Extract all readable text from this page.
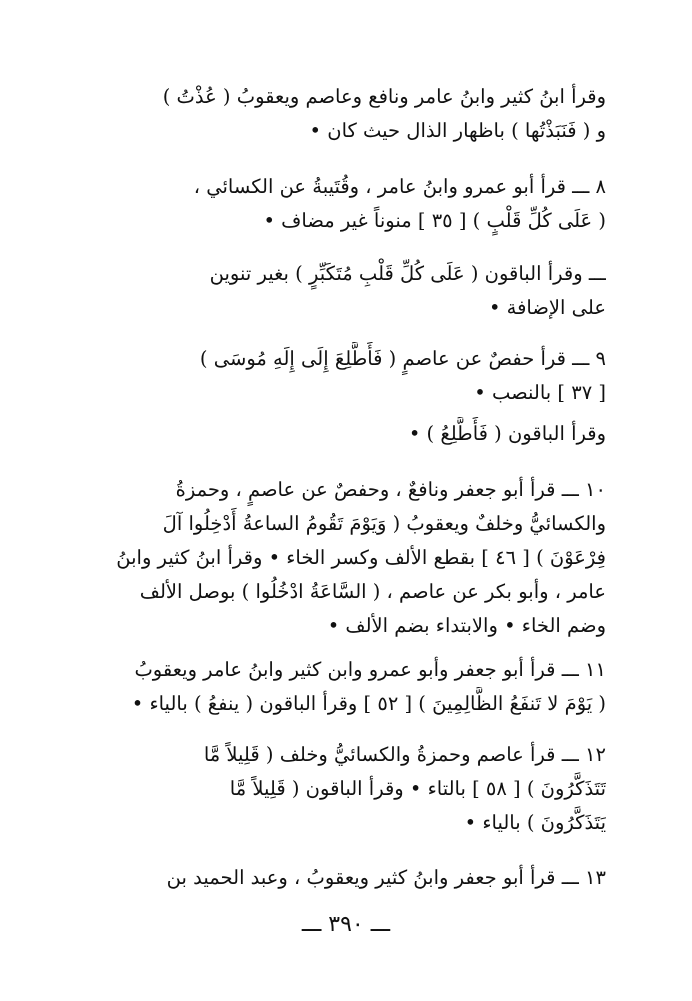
وقرأ ابنُ كثير وابنُ عامر ونافع وعاصم ويعقوبُ ( عُذْتُ )
و ( فَنَبَذْتُها ) باظهار الذال حيث كان •
٨ ـــ قرأ أبو عمرو وابنُ عامر ، وقُتَيبةُ عن الكسائي ،
( عَلَى كُلِّ قَلْبٍ ) [ ٣٥ ] منوناً غير مضاف •
ـــ وقرأ الباقون ( عَلَى كُلِّ قَلْبِ مُتَكَبِّرٍ ) بغير تنوين
على الإضافة •
٩ ـــ قرأ حفصٌ عن عاصمٍ ( فَأَطَّلِعَ إِلَى إِلَهِ مُوسَى )
[ ٣٧ ] بالنصب •
وقرأ الباقون ( فَأَطَّلِعُ ) •
١٠ ـــ قرأ أبو جعفر ونافعٌ ، وحفصٌ عن عاصمٍ ، وحمزةُ
والكسائيُّ وخلفٌ ويعقوبُ ( وَيَوْمَ تَقُومُ الساعةُ أَدْخِلُوا آلَ
فِرْعَوْنَ ) [ ٤٦ ] بقطع الألف وكسر الخاء • وقرأ ابنُ كثير وابنُ
عامر ، وأبو بكر عن عاصم ، ( السَّاعَةُ ادْخُلُوا ) بوصل الألف
وضم الخاء • والابتداء بضم الألف •
١١ ـــ قرأ أبو جعفر وأبو عمرو وابن كثير وابنُ عامر ويعقوبُ
( يَوْمَ لا تَنفَعُ الظَّالِمِينَ ) [ ٥٢ ] وقرأ الباقون ( ينفعُ ) بالياء •
١٢ ـــ قرأ عاصم وحمزةُ والكسائيُّ وخلف ( قَلِيلاً مَّا
تَتَذَكَّرُونَ ) [ ٥٨ ] بالتاء • وقرأ الباقون ( قَلِيلاً مَّا
يَتَذَكَّرُونَ ) بالياء •
١٣ ـــ قرأ أبو جعفر وابنُ كثير ويعقوبُ ، وعبد الحميد بن
ـــ ٣٩٠ ـــ
